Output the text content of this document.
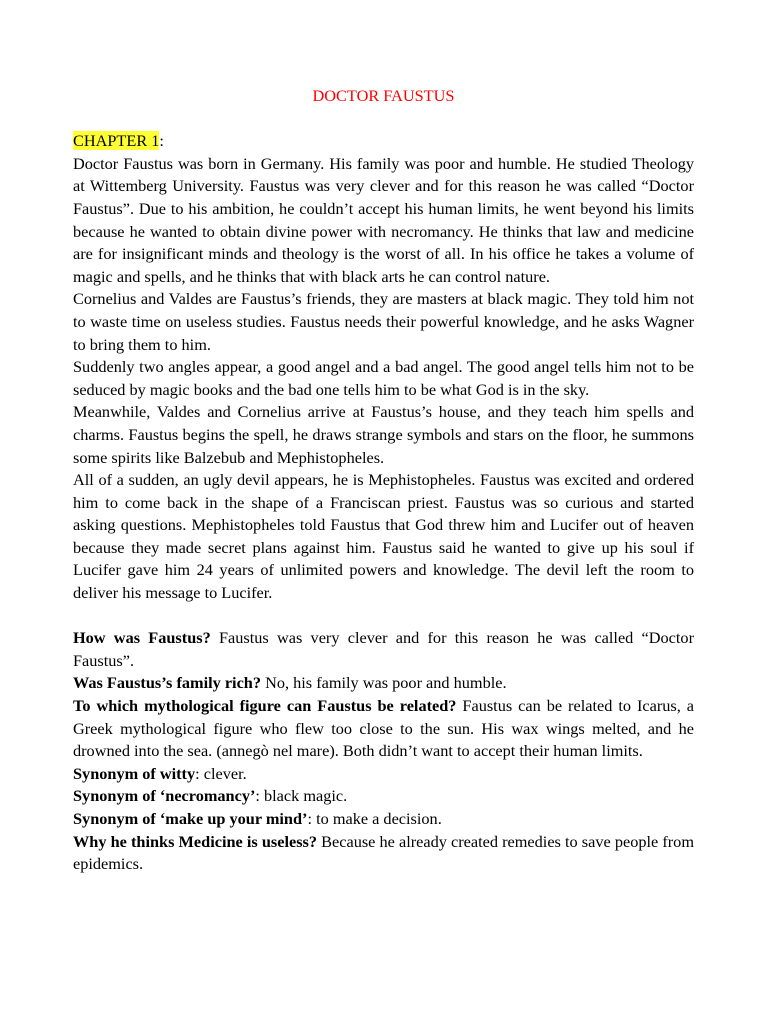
DOCTOR FAUSTUS

CHAPTER 1:

Doctor Faustus was born in Germany. His family was poor and humble. He studied Theology at Wittemberg University. Faustus was very clever and for this reason he was called “Doctor Faustus”. Due to his ambition, he couldn’t accept his human limits, he went beyond his limits because he wanted to obtain divine power with necromancy. He thinks that law and medicine are for insignificant minds and theology is the worst of all. In his office he takes a volume of magic and spells, and he thinks that with black arts he can control nature.

Cornelius and Valdes are Faustus’s friends, they are masters at black magic. They told him not to waste time on useless studies. Faustus needs their powerful knowledge, and he asks Wagner to bring them to him.

Suddenly two angles appear, a good angel and a bad angel. The good angel tells him not to be seduced by magic books and the bad one tells him to be what God is in the sky.

Meanwhile, Valdes and Cornelius arrive at Faustus’s house, and they teach him spells and charms. Faustus begins the spell, he draws strange symbols and stars on the floor, he summons some spirits like Balzebub and Mephistopheles.

All of a sudden, an ugly devil appears, he is Mephistopheles. Faustus was excited and ordered him to come back in the shape of a Franciscan priest. Faustus was so curious and started asking questions. Mephistopheles told Faustus that God threw him and Lucifer out of heaven because they made secret plans against him. Faustus said he wanted to give up his soul if Lucifer gave him 24 years of unlimited powers and knowledge. The devil left the room to deliver his message to Lucifer.

How was Faustus? Faustus was very clever and for this reason he was called “Doctor Faustus”.

Was Faustus’s family rich? No, his family was poor and humble.

To which mythological figure can Faustus be related? Faustus can be related to Icarus, a Greek mythological figure who flew too close to the sun. His wax wings melted, and he drowned into the sea. (annegò nel mare). Both didn’t want to accept their human limits.

Synonym of witty: clever.

Synonym of ‘necromancy’: black magic.

Synonym of ‘make up your mind’: to make a decision.

Why he thinks Medicine is useless? Because he already created remedies to save people from epidemics.
